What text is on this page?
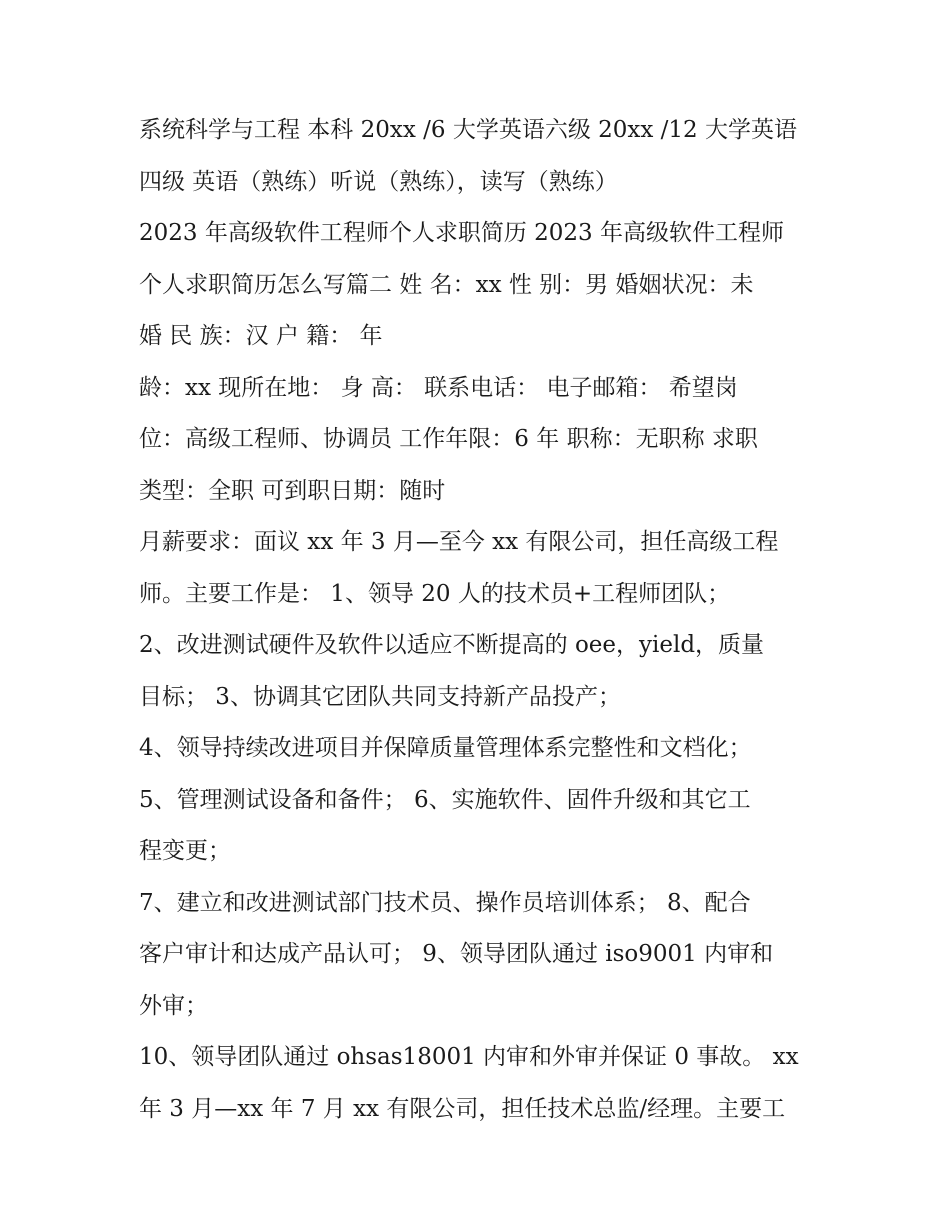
系统科学与工程 本科 20xx /6 大学英语六级 20xx /12 大学英语
四级 英语（熟练）听说（熟练），读写（熟练）
2023 年高级软件工程师个人求职简历 2023 年高级软件工程师
个人求职简历怎么写篇二 姓 名：xx 性 别：男 婚姻状况：未
婚 民 族：汉 户 籍： 年
龄：xx 现所在地： 身 高： 联系电话： 电子邮箱： 希望岗
位：高级工程师、协调员 工作年限：6 年 职称：无职称 求职
类型：全职 可到职日期：随时
月薪要求：面议 xx 年 3 月—至今 xx 有限公司，担任高级工程
师。主要工作是： 1、领导 20 人的技术员+工程师团队；
2、改进测试硬件及软件以适应不断提高的 oee，yield，质量
目标； 3、协调其它团队共同支持新产品投产；
4、领导持续改进项目并保障质量管理体系完整性和文档化；
5、管理测试设备和备件； 6、实施软件、固件升级和其它工
程变更；
7、建立和改进测试部门技术员、操作员培训体系； 8、配合
客户审计和达成产品认可； 9、领导团队通过 iso9001 内审和
外审；
10、领导团队通过 ohsas18001 内审和外审并保证 0 事故。 xx
年 3 月—xx 年 7 月 xx 有限公司，担任技术总监/经理。主要工
